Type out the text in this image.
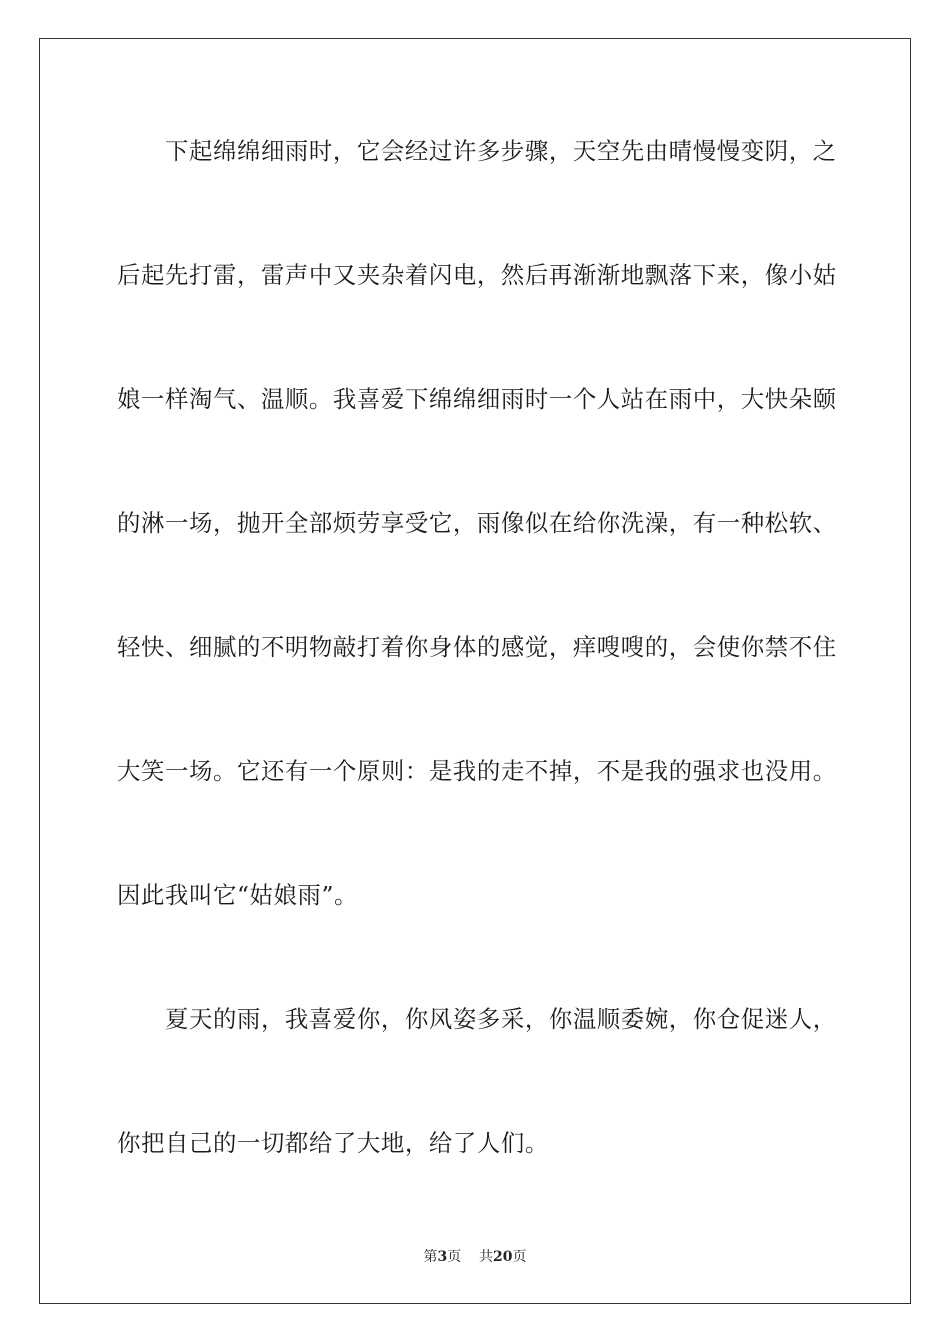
　　下起绵绵细雨时，它会经过许多步骤，天空先由晴慢慢变阴，之

后起先打雷，雷声中又夹杂着闪电，然后再渐渐地飘落下来，像小姑

娘一样淘气、温顺。我喜爱下绵绵细雨时一个人站在雨中，大快朵颐

的淋一场，抛开全部烦劳享受它，雨像似在给你洗澡，有一种松软、

轻快、细腻的不明物敲打着你身体的感觉，痒嗖嗖的，会使你禁不住

大笑一场。它还有一个原则：是我的走不掉，不是我的强求也没用。

因此我叫它“姑娘雨”。

　　夏天的雨，我喜爱你，你风姿多采，你温顺委婉，你仓促迷人，

你把自己的一切都给了大地，给了人们。

第3页 共20页
